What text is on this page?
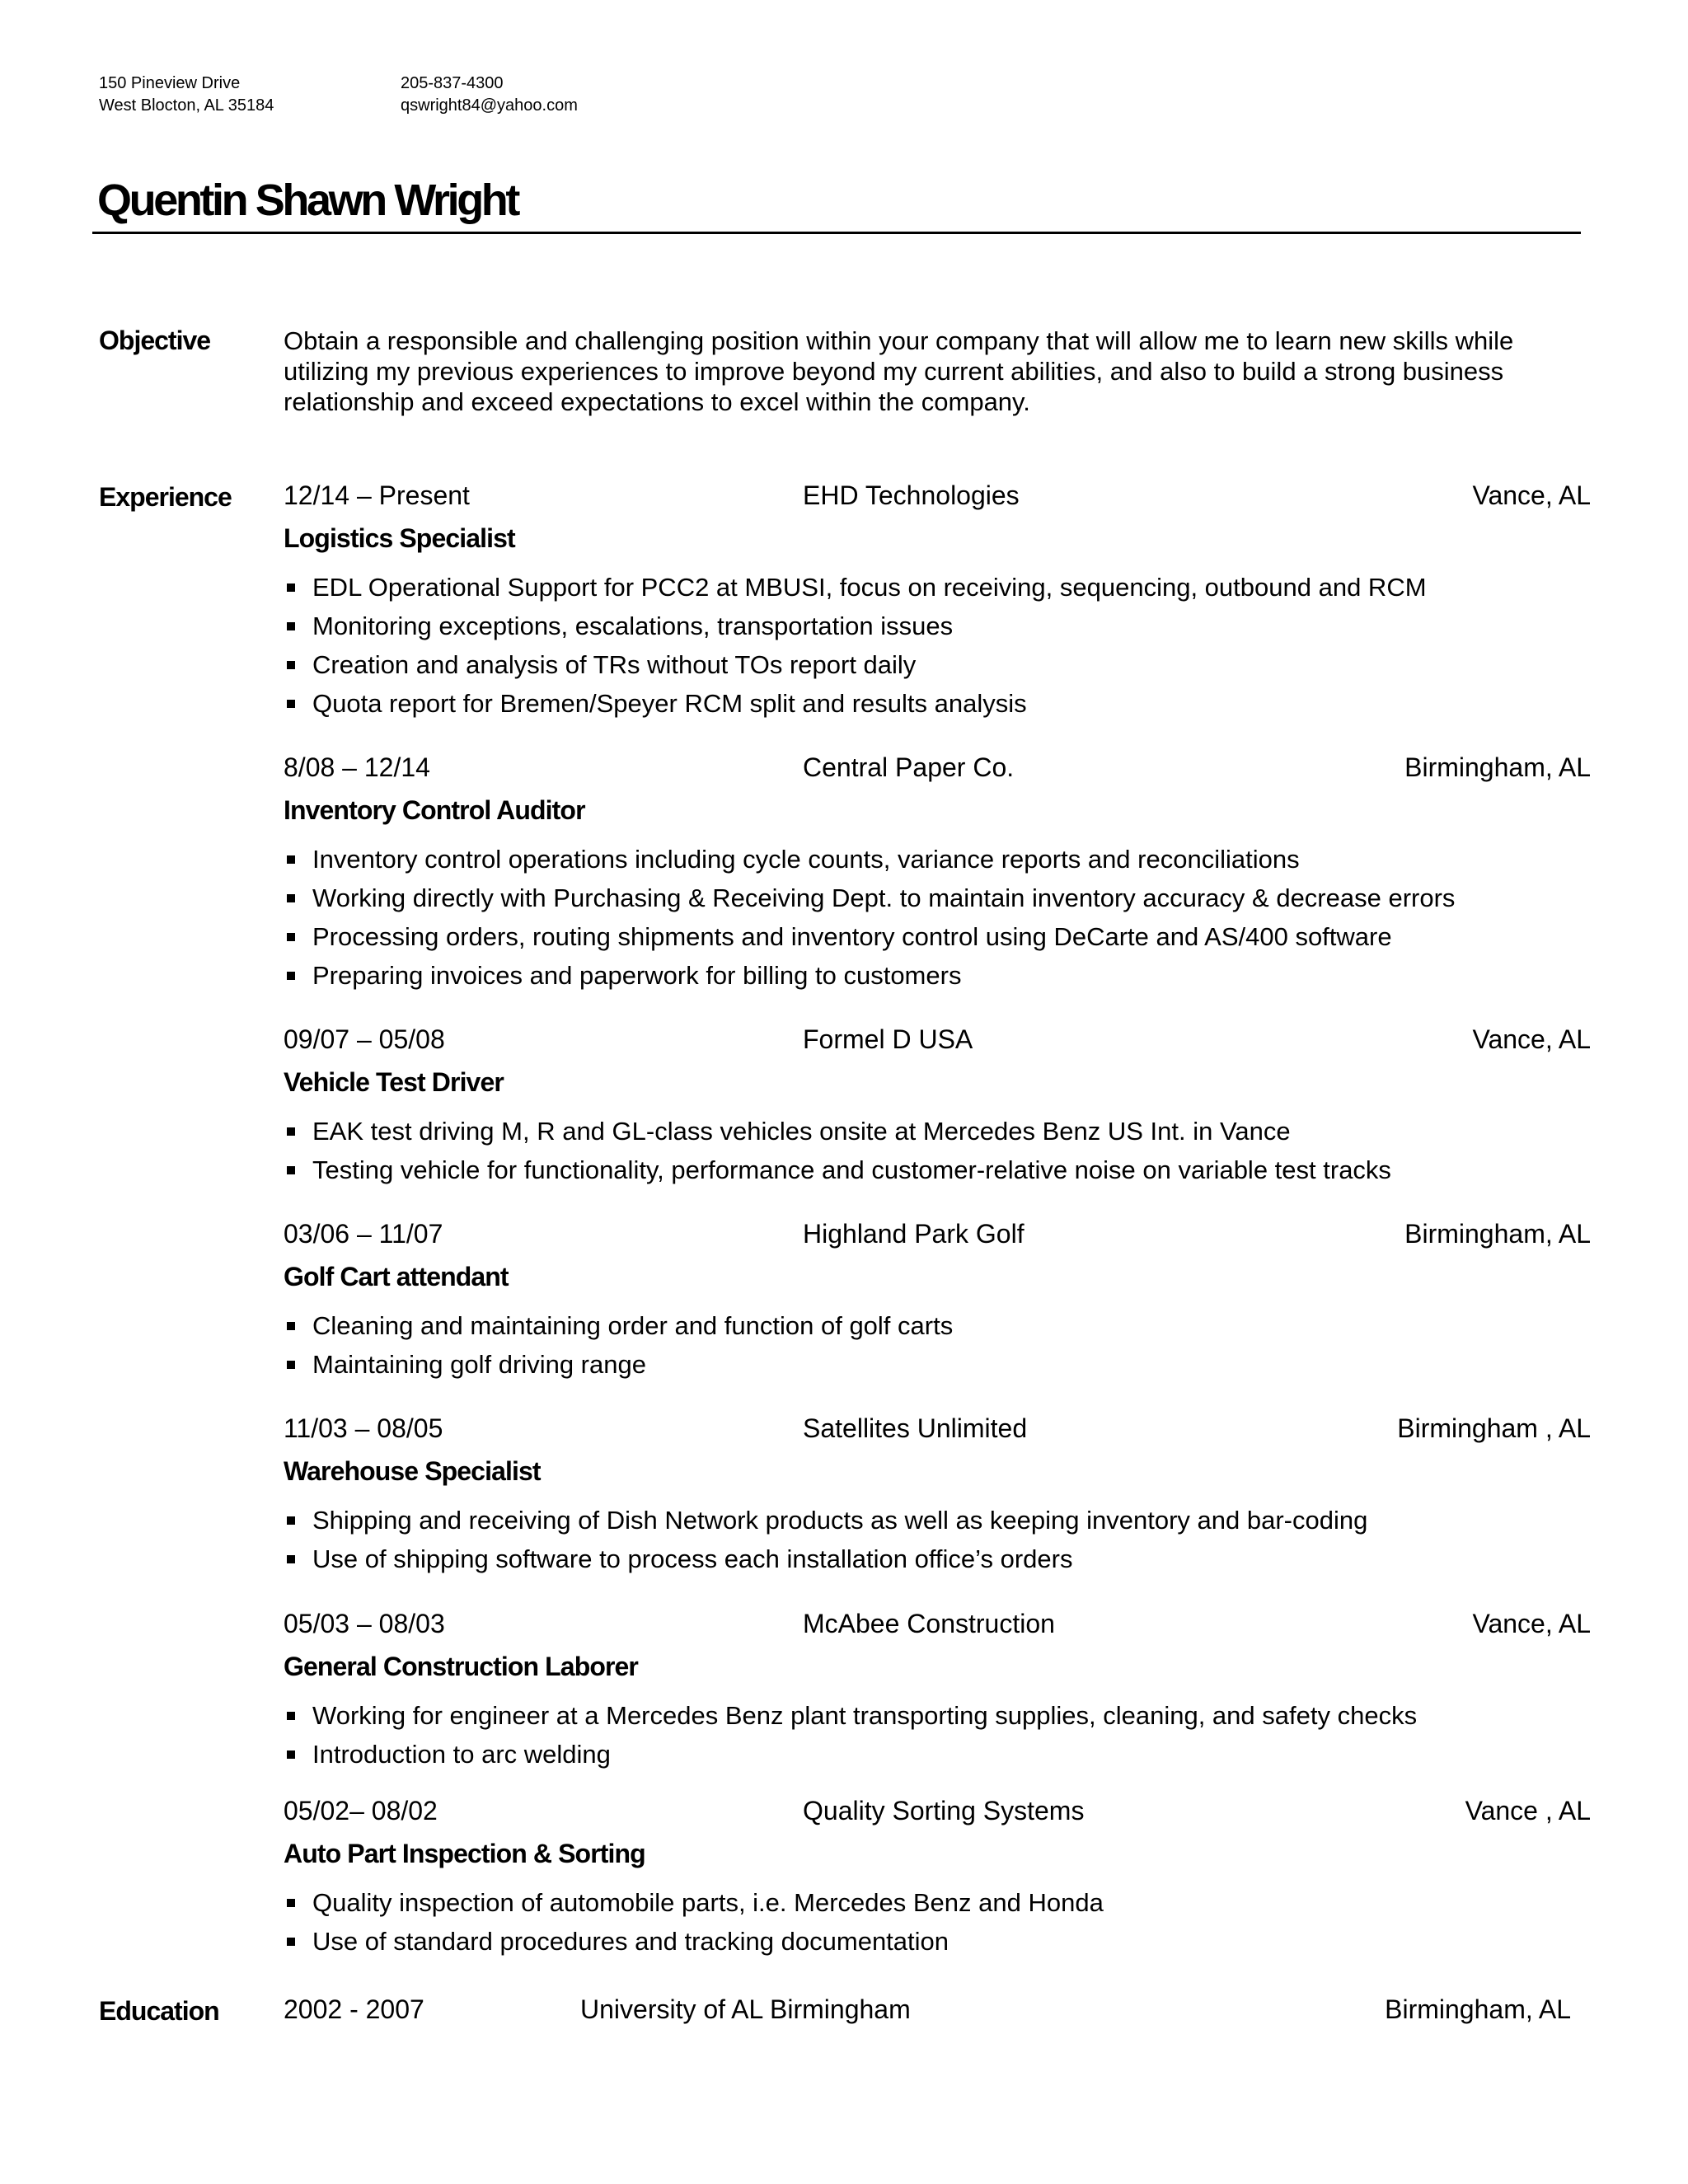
150 Pineview Drive
West Blocton, AL 35184
205-837-4300
qswright84@yahoo.com
Quentin Shawn Wright
Objective	Obtain a responsible and challenging position within your company that will allow me to learn new skills while utilizing my previous experiences to improve beyond my current abilities, and also to build a strong business relationship and exceed expectations to excel within the company.
Experience 12/14 – Present	EHD Technologies	Vance, AL
Logistics Specialist
EDL Operational Support for PCC2 at MBUSI, focus on receiving, sequencing, outbound and RCM
Monitoring exceptions, escalations, transportation issues
Creation and analysis of TRs without TOs report daily
Quota report for Bremen/Speyer RCM split and results analysis
8/08 – 12/14	Central Paper Co.	Birmingham, AL
Inventory Control Auditor
Inventory control operations including cycle counts, variance reports and reconciliations
Working directly with Purchasing & Receiving Dept. to maintain inventory accuracy & decrease errors
Processing orders, routing shipments and inventory control using DeCarte and AS/400 software
Preparing invoices and paperwork for billing to customers
09/07 – 05/08	Formel D USA	Vance, AL
Vehicle Test Driver
EAK test driving M, R and GL-class vehicles onsite at Mercedes Benz US Int. in Vance
Testing vehicle for functionality, performance and customer-relative noise on variable test tracks
03/06 – 11/07	Highland Park Golf	Birmingham, AL
Golf Cart attendant
Cleaning and maintaining order and function of golf carts
Maintaining golf driving range
11/03 – 08/05	Satellites Unlimited	Birmingham , AL
Warehouse Specialist
Shipping and receiving of Dish Network products as well as keeping inventory and bar-coding
Use of shipping software to process each installation office’s orders
05/03 – 08/03	McAbee Construction	Vance, AL
General Construction Laborer
Working for engineer at a Mercedes Benz plant transporting supplies, cleaning, and safety checks
Introduction to arc welding
05/02– 08/02	Quality Sorting Systems	Vance , AL
Auto Part Inspection & Sorting
Quality inspection of automobile parts, i.e. Mercedes Benz and Honda
Use of standard procedures and tracking documentation
Education 2002 - 2007	University of AL Birmingham	Birmingham, AL
